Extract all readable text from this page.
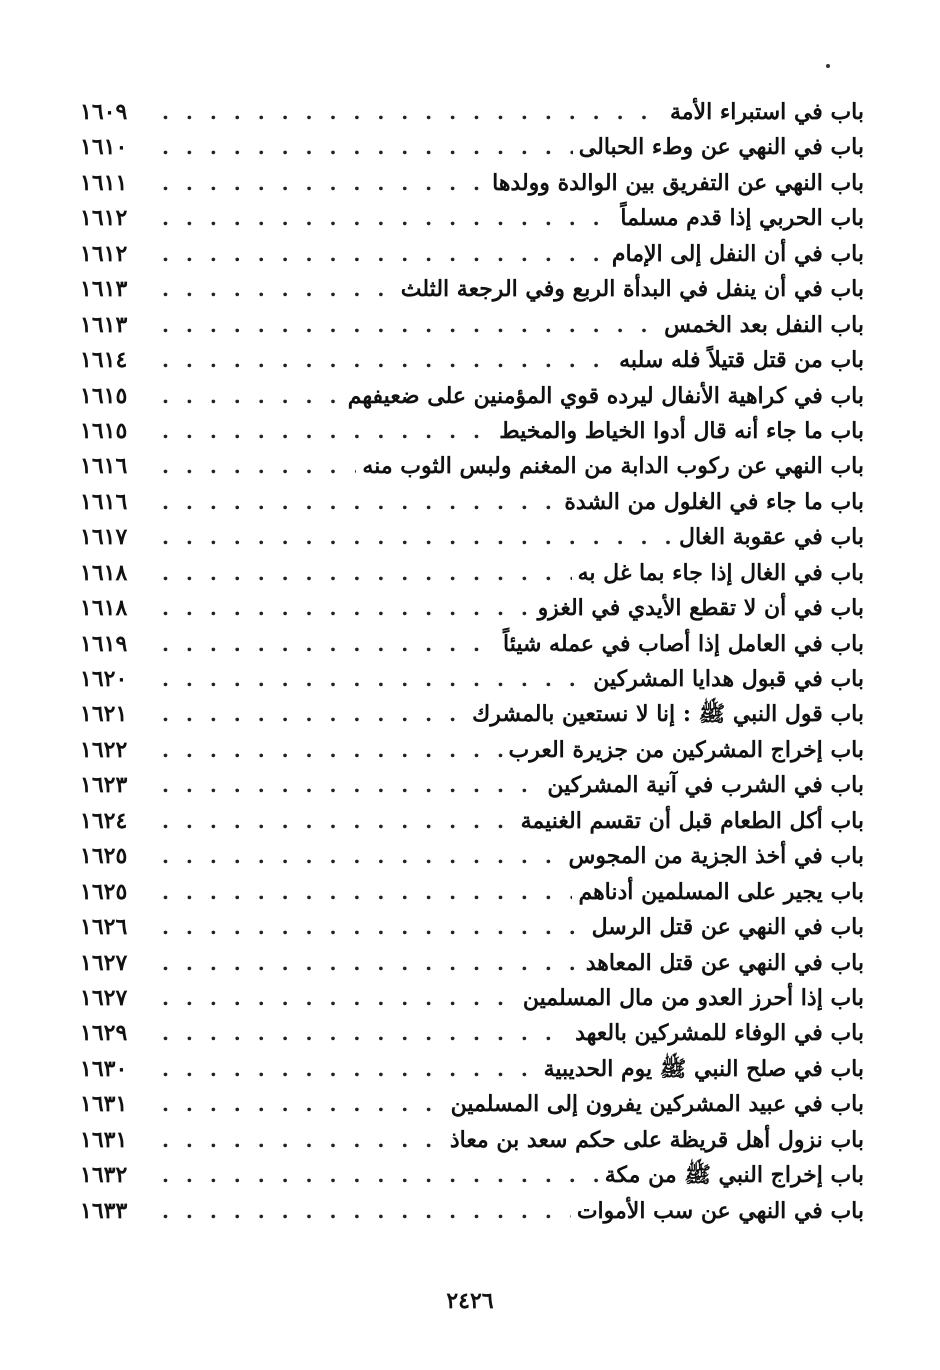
١٦٠٩ . . .	باب في استبراء الأمة
١٦١٠ . . .	باب في النهي عن وطء الحبالى
١٦١١ . . .	باب النهي عن التفريق بين الوالدة وولدها
١٦١٢ . . .	باب الحربي إذا قدم مسلماً
١٦١٢ . . .	باب في أن النفل إلى الإمام
١٦١٣ . . .	باب في أن ينفل في البدأة الربع وفي الرجعة الثلث
١٦١٣ . . .	باب النفل بعد الخمس
١٦١٤ . . .	باب من قتل قتيلاً فله سلبه
١٦١٥ . . .	باب في كراهية الأنفال ليرده قوي المؤمنين على ضعيفهم
١٦١٥ . . .	باب ما جاء أنه قال أدوا الخياط والمخيط
١٦١٦ . . .	باب النهي عن ركوب الدابة من المغنم ولبس الثوب منه
١٦١٦ . . .	باب ما جاء في الغلول من الشدة
١٦١٧ . . .	باب في عقوبة الغال
١٦١٨ . . .	باب في الغال إذا جاء بما غل به
١٦١٨ . . .	باب في أن لا تقطع الأيدي في الغزو
١٦١٩ . . .	باب في العامل إذا أصاب في عمله شيئاً
١٦٢٠ . . .	باب في قبول هدايا المشركين
١٦٢١ . . .	باب قول النبي ﷺ : إنا لا نستعين بالمشرك
١٦٢٢ . . .	باب إخراج المشركين من جزيرة العرب
١٦٢٣ . . .	باب في الشرب في آنية المشركين
١٦٢٤ . . .	باب أكل الطعام قبل أن تقسم الغنيمة
١٦٢٥ . . .	باب في أخذ الجزية من المجوس
١٦٢٥ . . .	باب يجير على المسلمين أدناهم
١٦٢٦ . . .	باب في النهي عن قتل الرسل
١٦٢٧ . . .	باب في النهي عن قتل المعاهد
١٦٢٧ . . .	باب إذا أحرز العدو من مال المسلمين
١٦٢٩ . . .	باب في الوفاء للمشركين بالعهد
١٦٣٠ . . .	باب في صلح النبي ﷺ يوم الحديبية
١٦٣١ . . .	باب في عبيد المشركين يفرون إلى المسلمين
١٦٣١ . . .	باب نزول أهل قريظة على حكم سعد بن معاذ
١٦٣٢ . . .	باب إخراج النبي ﷺ من مكة
١٦٣٣ . . .	باب في النهي عن سب الأموات
٢٤٢٦
